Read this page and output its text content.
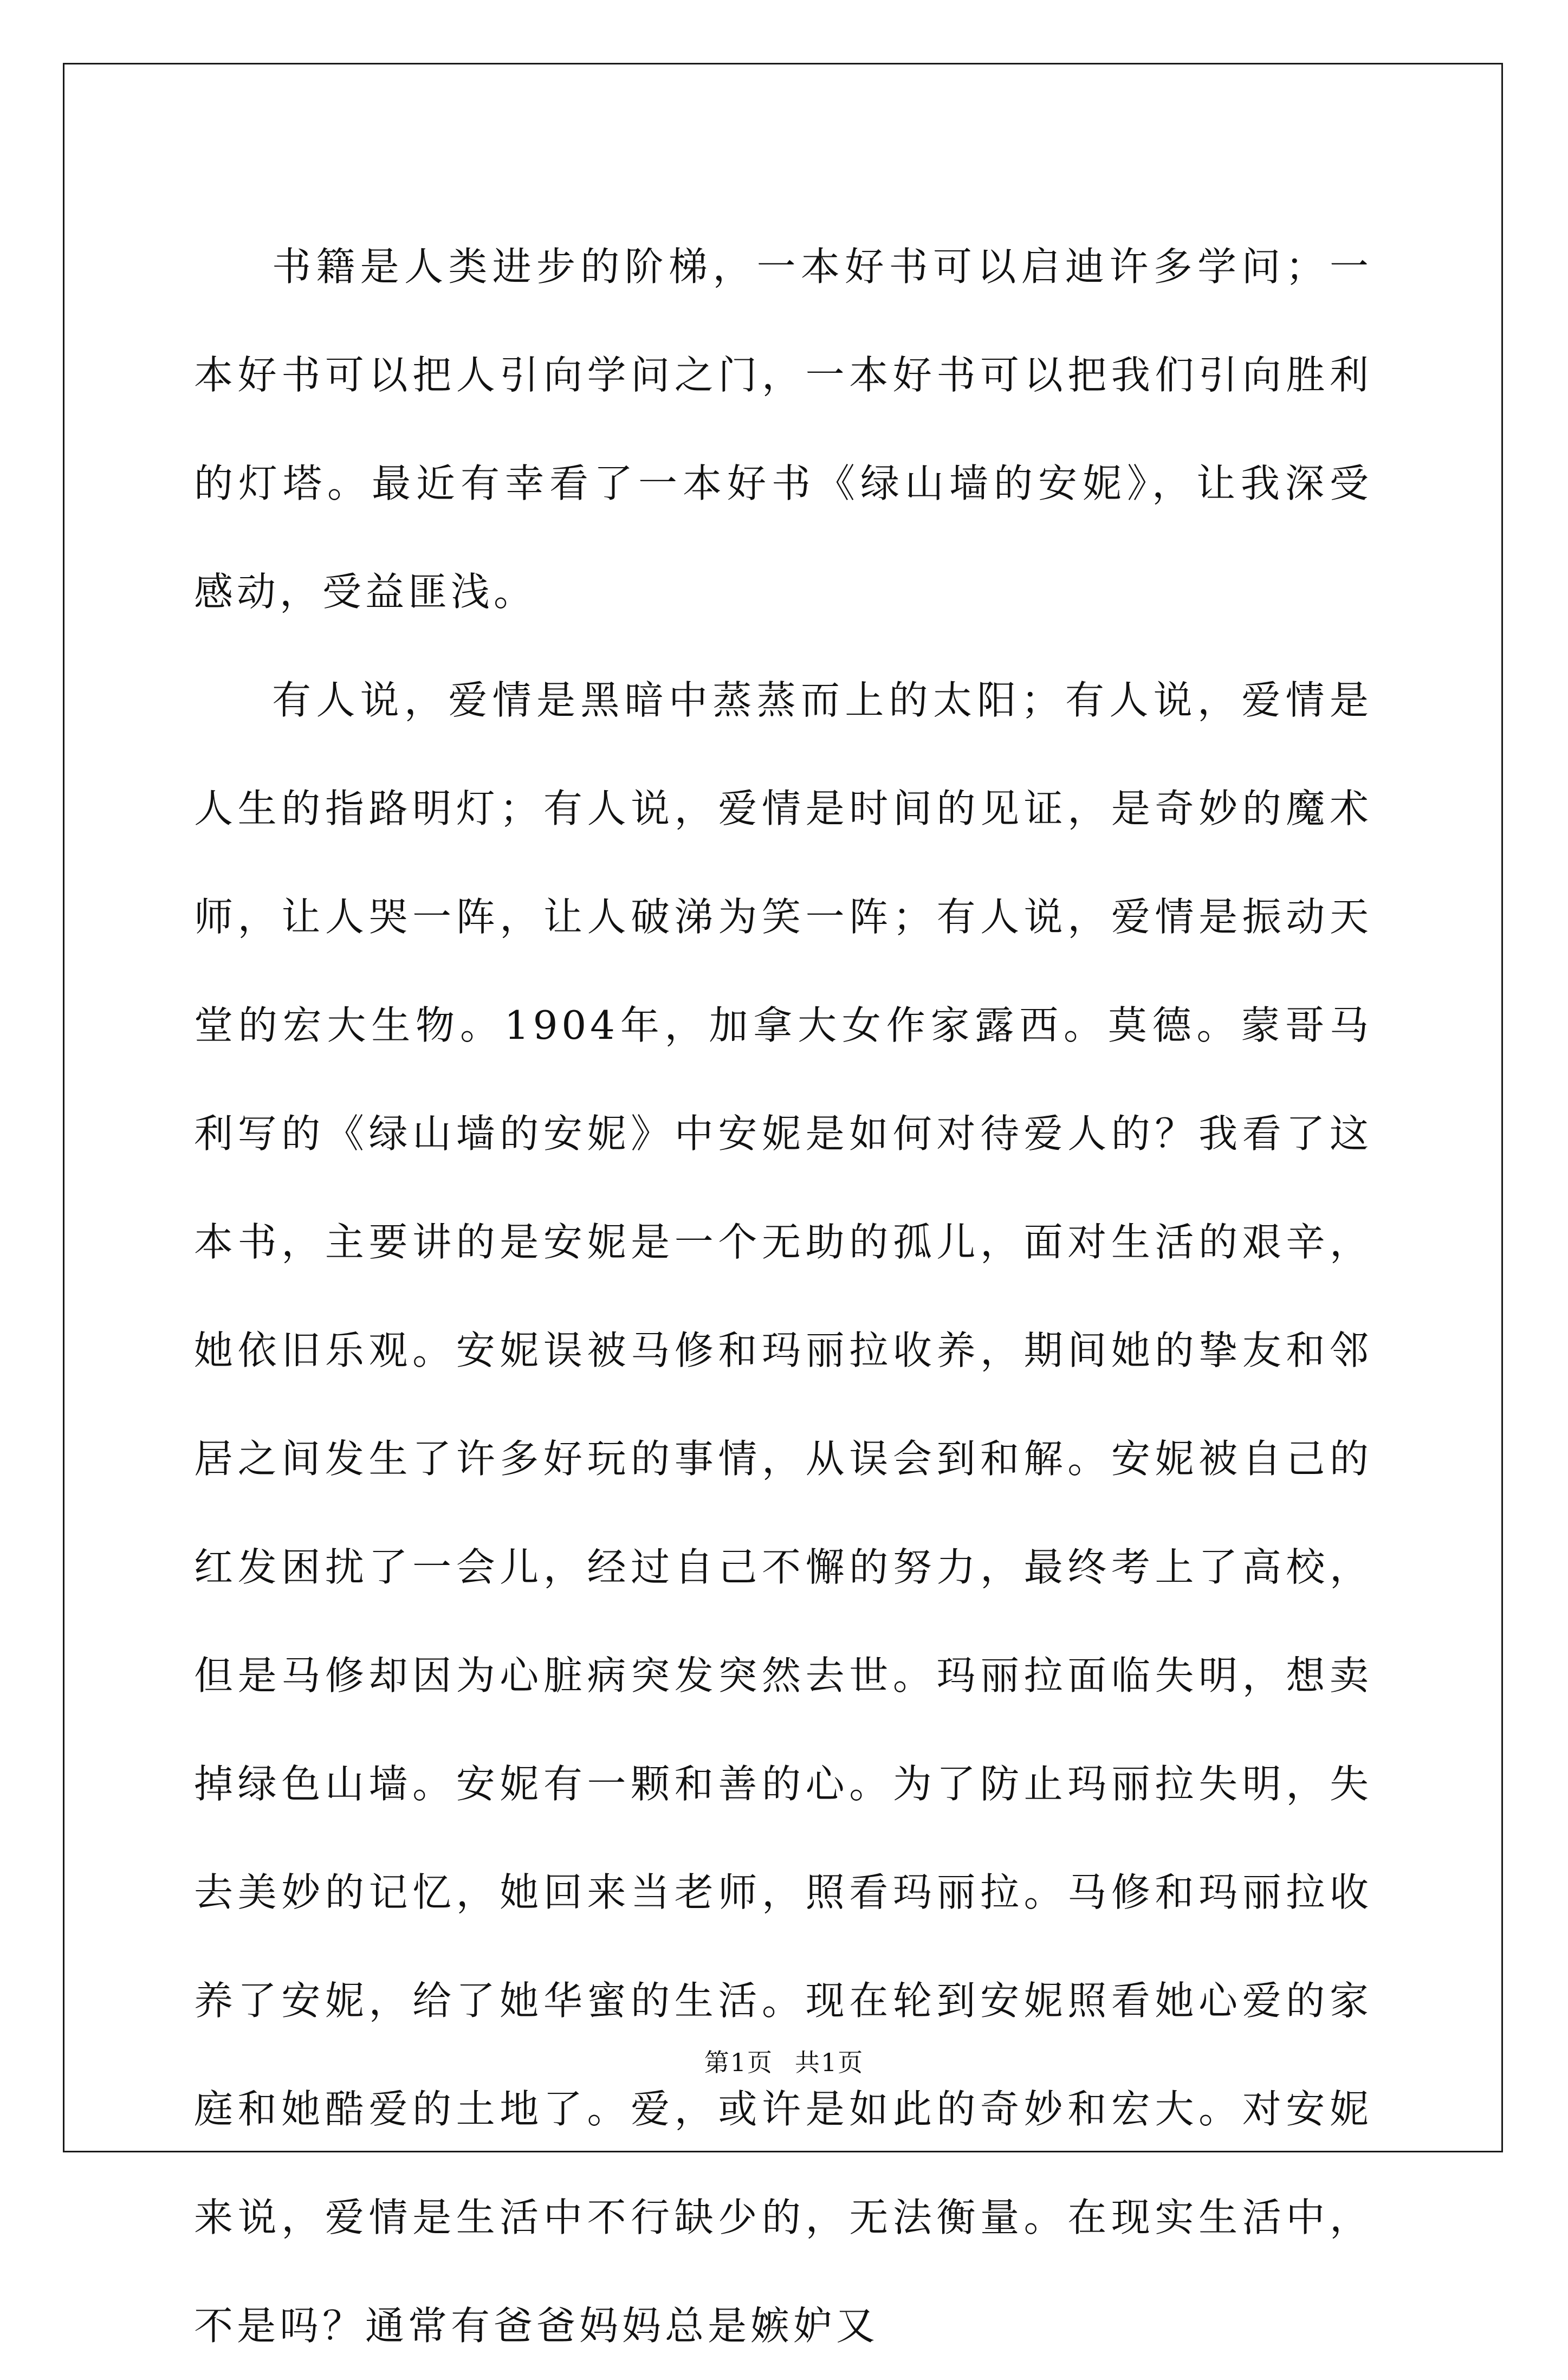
书籍是人类进步的阶梯，一本好书可以启迪许多学问；一本好书可以把人引向学问之门，一本好书可以把我们引向胜利的灯塔。最近有幸看了一本好书《绿山墙的安妮》，让我深受感动，受益匪浅。

有人说，爱情是黑暗中蒸蒸而上的太阳；有人说，爱情是人生的指路明灯；有人说，爱情是时间的见证，是奇妙的魔术师，让人哭一阵，让人破涕为笑一阵；有人说，爱情是振动天堂的宏大生物。1904年，加拿大女作家露西。莫德。蒙哥马利写的《绿山墙的安妮》中安妮是如何对待爱人的？我看了这本书，主要讲的是安妮是一个无助的孤儿，面对生活的艰辛，她依旧乐观。安妮误被马修和玛丽拉收养，期间她的挚友和邻居之间发生了许多好玩的事情，从误会到和解。安妮被自己的红发困扰了一会儿，经过自己不懈的努力，最终考上了高校，但是马修却因为心脏病突发突然去世。玛丽拉面临失明，想卖掉绿色山墙。安妮有一颗和善的心。为了防止玛丽拉失明，失去美妙的记忆，她回来当老师，照看玛丽拉。马修和玛丽拉收养了安妮，给了她华蜜的生活。现在轮到安妮照看她心爱的家庭和她酷爱的土地了。爱，或许是如此的奇妙和宏大。对安妮来说，爱情是生活中不行缺少的，无法衡量。在现实生活中，不是吗？通常有爸爸妈妈总是嫉妒又

第1页 共1页
